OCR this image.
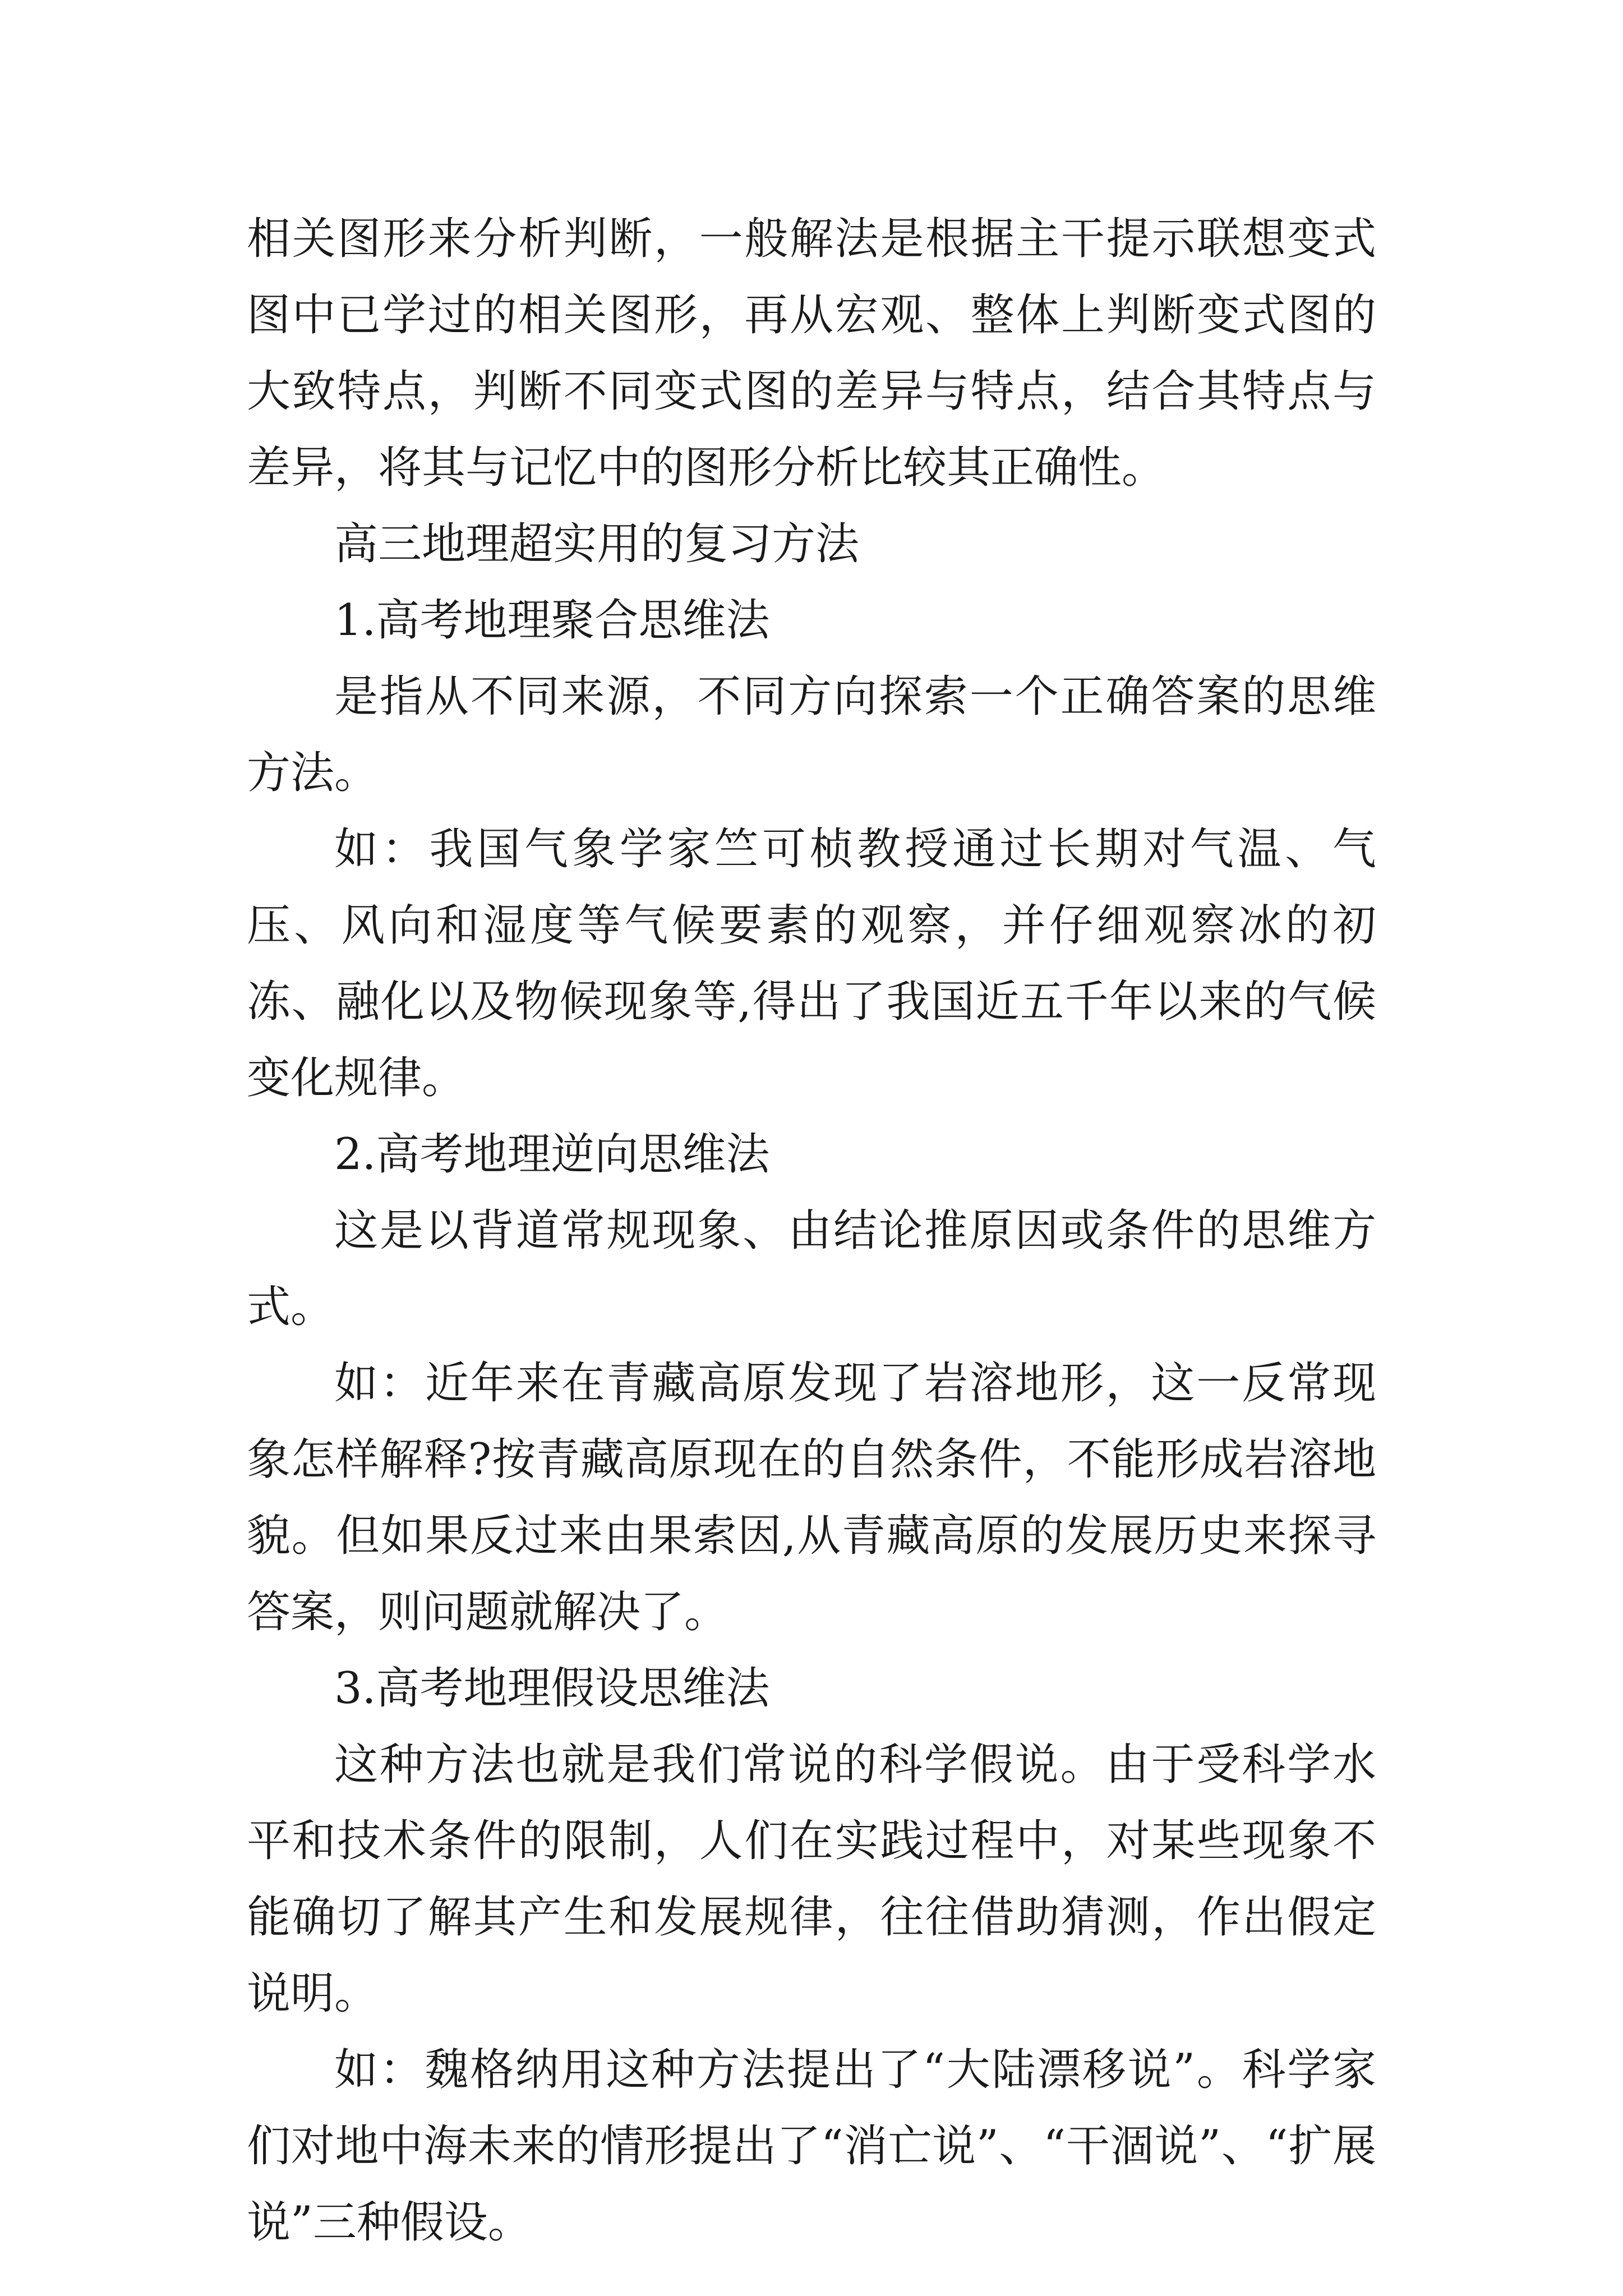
相关图形来分析判断，一般解法是根据主干提示联想变式图中已学过的相关图形，再从宏观、整体上判断变式图的大致特点，判断不同变式图的差异与特点，结合其特点与差异，将其与记忆中的图形分析比较其正确性。

高三地理超实用的复习方法

1.高考地理聚合思维法

是指从不同来源，不同方向探索一个正确答案的思维方法。

如：我国气象学家竺可桢教授通过长期对气温、气压、风向和湿度等气候要素的观察，并仔细观察冰的初冻、融化以及物候现象等,得出了我国近五千年以来的气候变化规律。

2.高考地理逆向思维法

这是以背道常规现象、由结论推原因或条件的思维方式。

如：近年来在青藏高原发现了岩溶地形，这一反常现象怎样解释?按青藏高原现在的自然条件，不能形成岩溶地貌。但如果反过来由果索因,从青藏高原的发展历史来探寻答案，则问题就解决了。

3.高考地理假设思维法

这种方法也就是我们常说的科学假说。由于受科学水平和技术条件的限制，人们在实践过程中，对某些现象不能确切了解其产生和发展规律，往往借助猜测，作出假定说明。

如：魏格纳用这种方法提出了“大陆漂移说”。科学家们对地中海未来的情形提出了“消亡说”、“干涸说”、“扩展说”三种假设。
